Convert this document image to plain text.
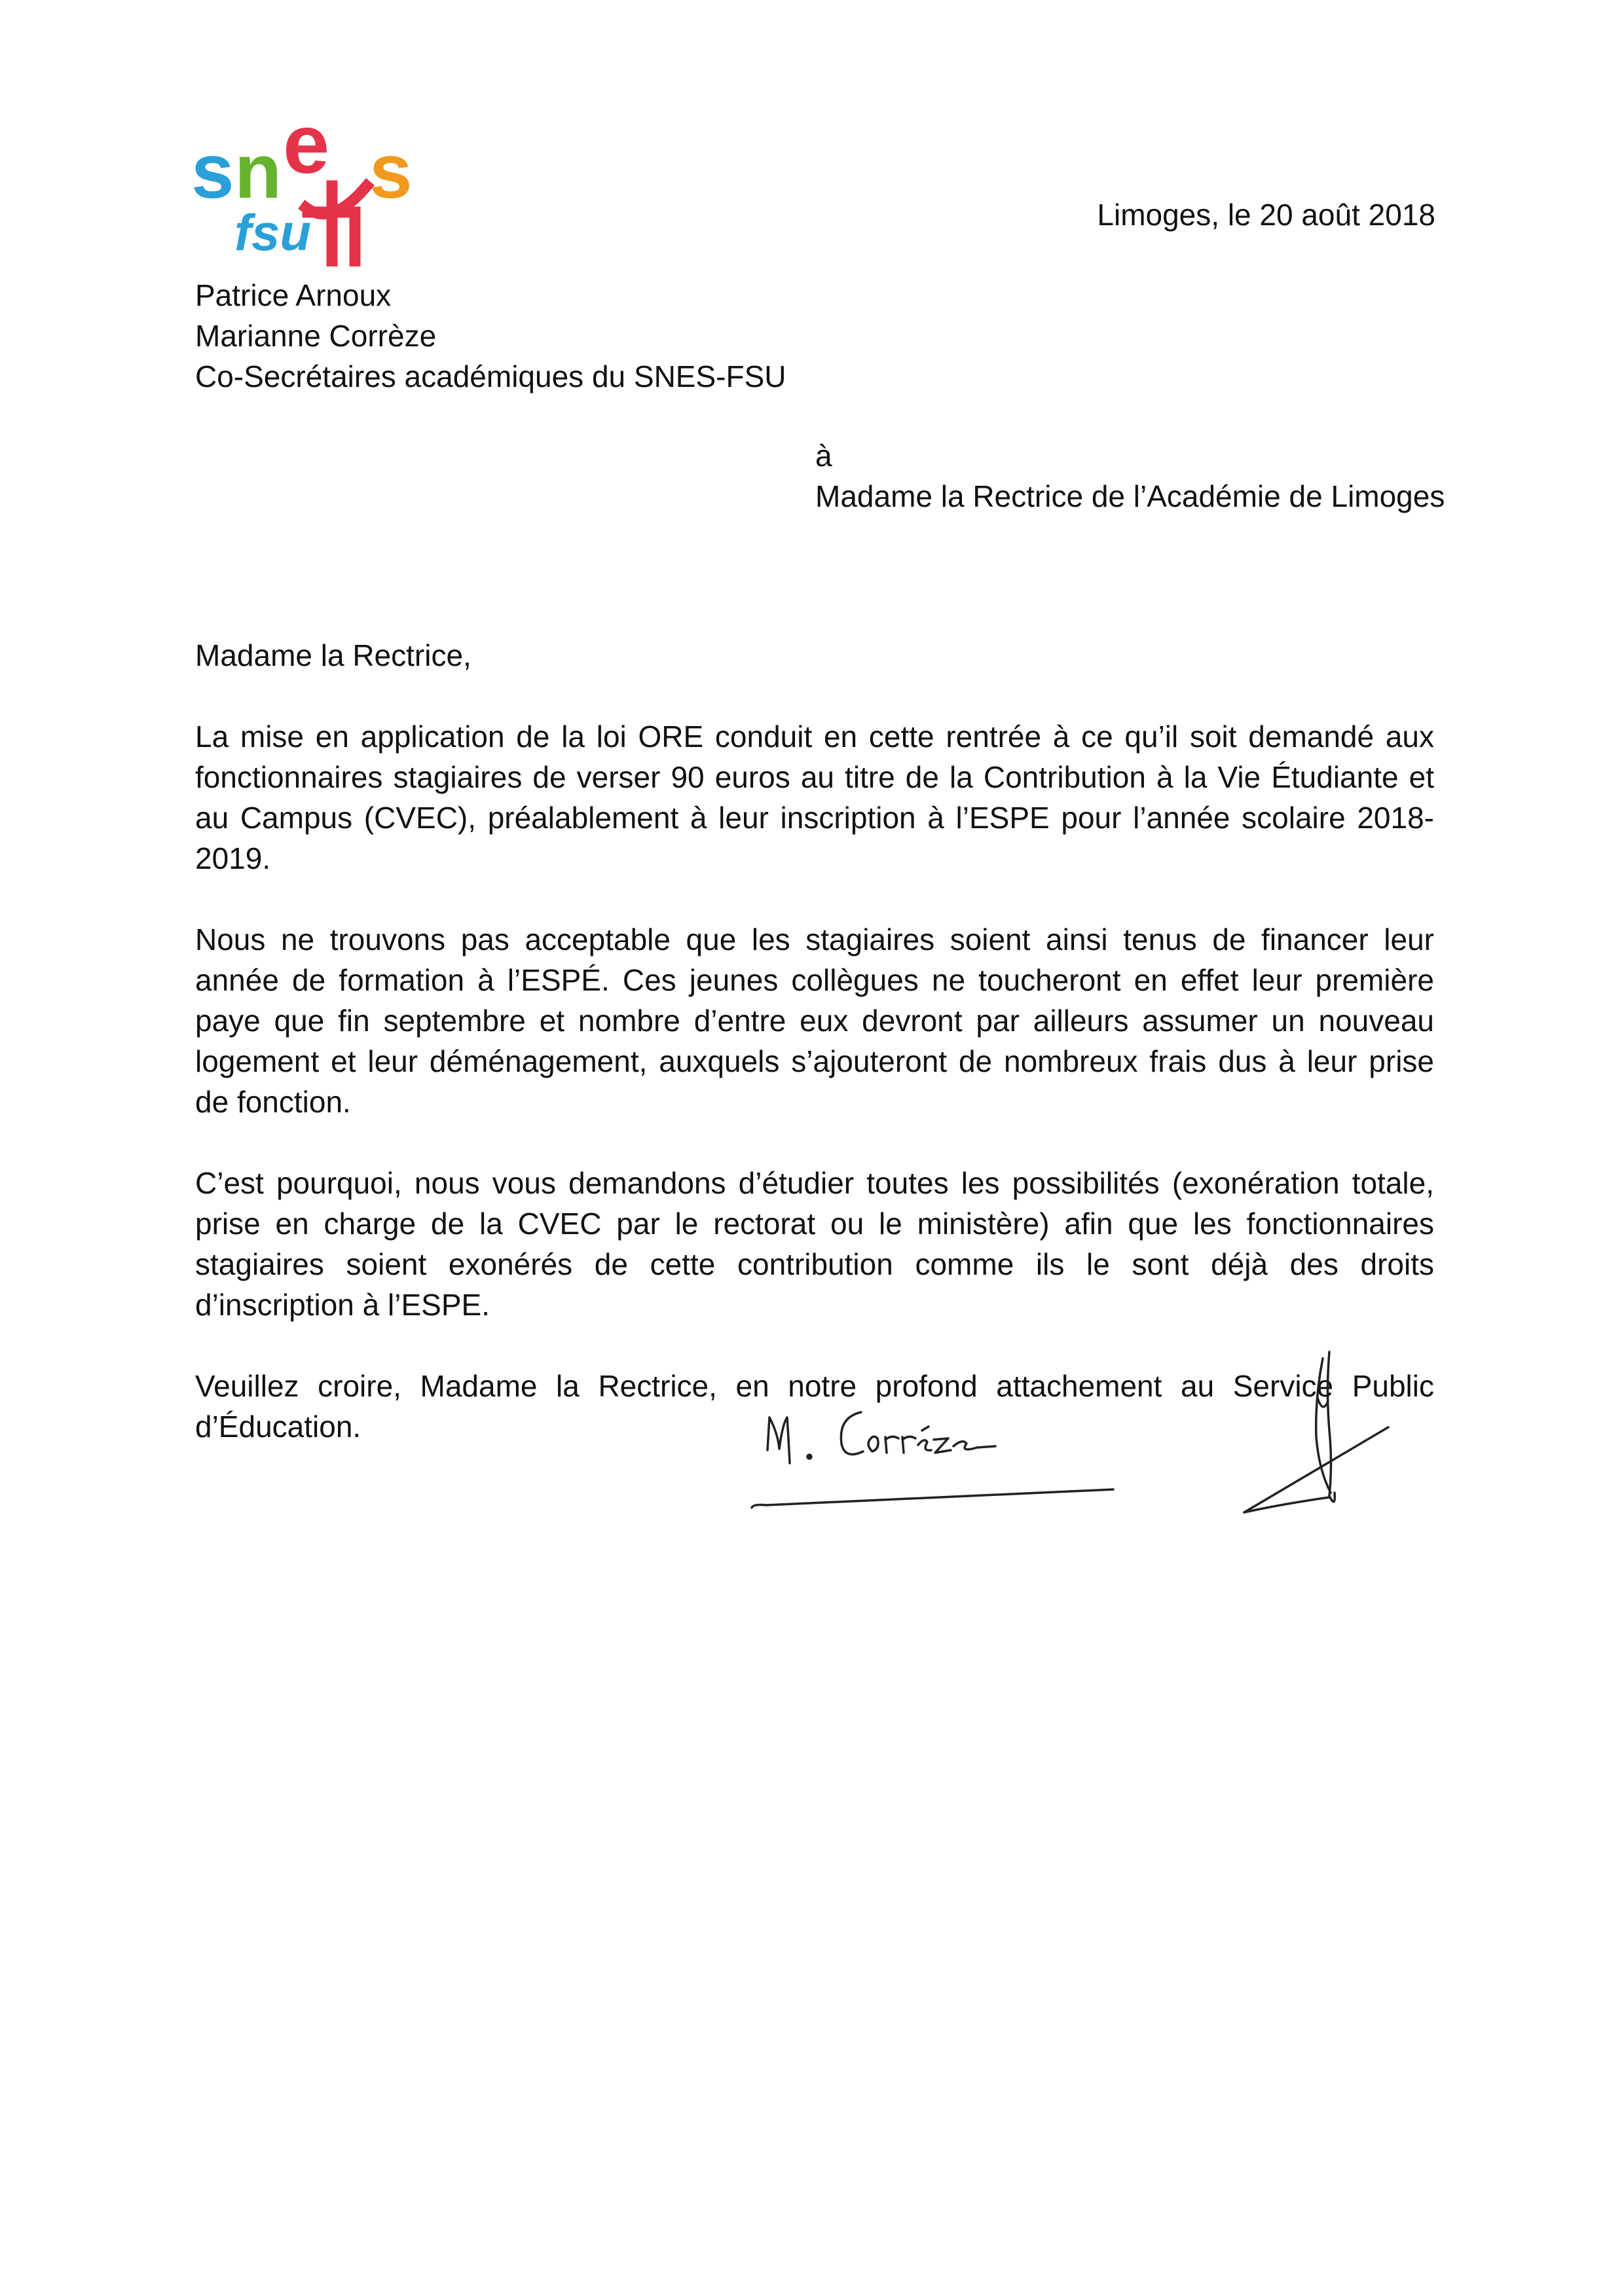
s n e s
fsu	Limoges, le 20 août 2018
Patrice Arnoux
Marianne Corrèze
Co-Secrétaires académiques du SNES-FSU
à
Madame la Rectrice de l’Académie de Limoges

Madame la Rectrice,

La mise en application de la loi ORE conduit en cette rentrée à ce qu’il soit demandé aux fonctionnaires stagiaires de verser 90 euros au titre de la Contribution à la Vie Étudiante et au Campus (CVEC), préalablement à leur inscription à l’ESPE pour l’année scolaire 2018-2019.

Nous ne trouvons pas acceptable que les stagiaires soient ainsi tenus de financer leur année de formation à l’ESPÉ. Ces jeunes collègues ne toucheront en effet leur première paye que fin septembre et nombre d’entre eux devront par ailleurs assumer un nouveau logement et leur déménagement, auxquels s’ajouteront de nombreux frais dus à leur prise de fonction.

C’est pourquoi, nous vous demandons d’étudier toutes les possibilités (exonération totale, prise en charge de la CVEC par le rectorat ou le ministère) afin que les fonctionnaires stagiaires soient exonérés de cette contribution comme ils le sont déjà des droits d’inscription à l’ESPE.

Veuillez croire, Madame la Rectrice, en notre profond attachement au Service Public d’Éducation.
